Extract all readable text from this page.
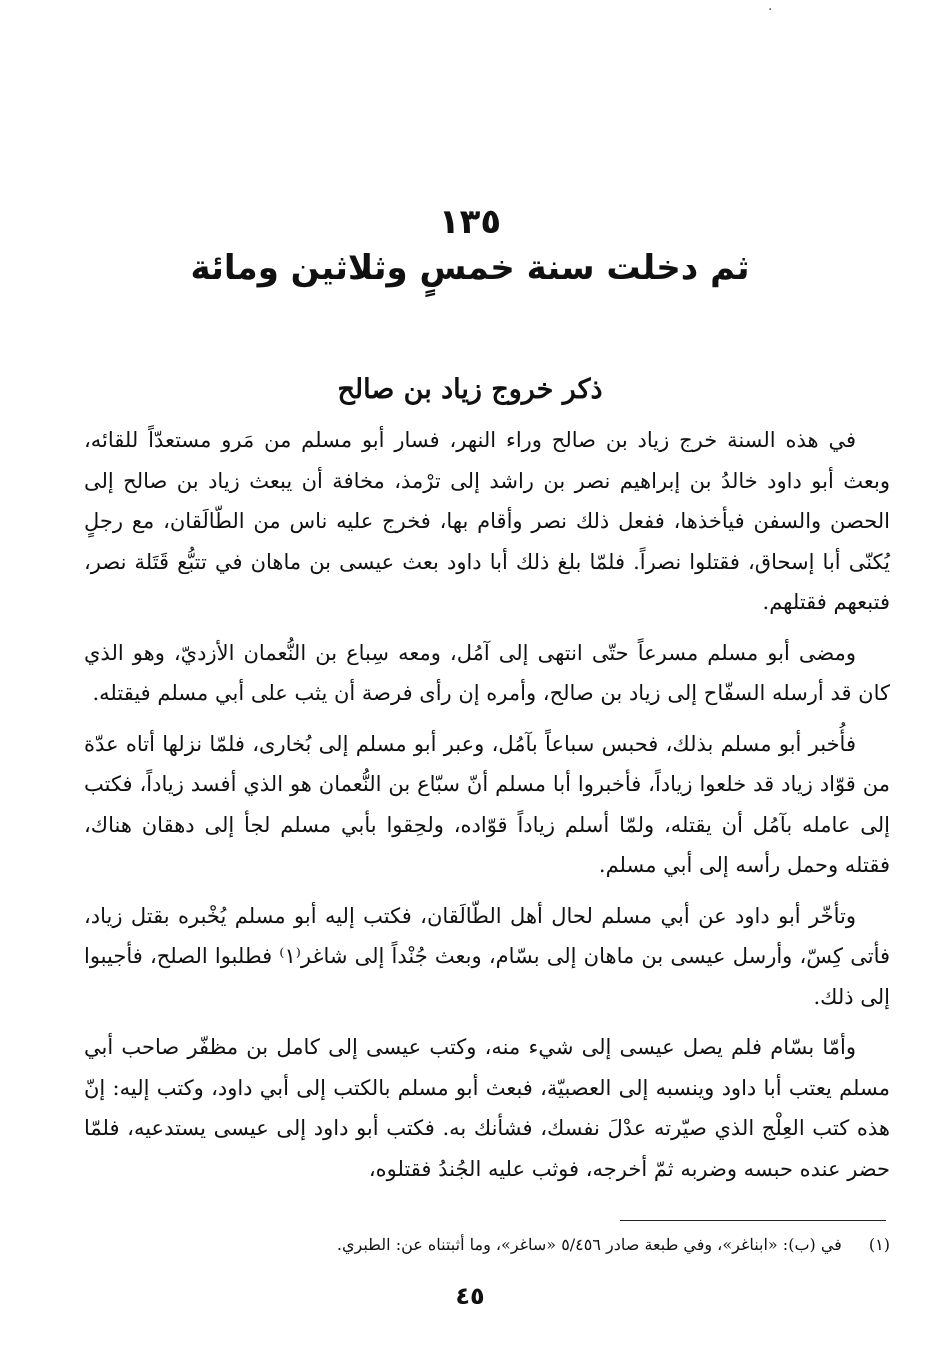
·
١٣٥
ثم دخلت سنة خمسٍ وثلاثين ومائة
ذكر خروج زياد بن صالح

في هذه السنة خرج زياد بن صالح وراء النهر، فسار أبو مسلم من مَرو مستعدّاً للقائه، وبعث أبو داود خالدُ بن إبراهيم نصر بن راشد إلى ترْمذ، مخافة أن يبعث زياد بن صالح إلى الحصن والسفن فيأخذها، ففعل ذلك نصر وأقام بها، فخرج عليه ناس من الطّالَقان، مع رجلٍ يُكنّى أبا إسحاق، فقتلوا نصراً. فلمّا بلغ ذلك أبا داود بعث عيسى بن ماهان في تتبُّع قَتَلة نصر، فتبعهم فقتلهم.

ومضى أبو مسلم مسرعاً حتّى انتهى إلى آمُل، ومعه سِباع بن النُّعمان الأزديّ، وهو الذي كان قد أرسله السفّاح إلى زياد بن صالح، وأمره إن رأى فرصة أن يثب على أبي مسلم فيقتله.

فأُخبر أبو مسلم بذلك، فحبس سباعاً بآمُل، وعبر أبو مسلم إلى بُخارى، فلمّا نزلها أتاه عدّة من قوّاد زياد قد خلعوا زياداً، فأخبروا أبا مسلم أنّ سبّاع بن النُّعمان هو الذي أفسد زياداً، فكتب إلى عامله بآمُل أن يقتله، ولمّا أسلم زياداً قوّاده، ولحِقوا بأبي مسلم لجأ إلى دهقان هناك، فقتله وحمل رأسه إلى أبي مسلم.

وتأخّر أبو داود عن أبي مسلم لحال أهل الطّالَقان، فكتب إليه أبو مسلم يُخْبره بقتل زياد، فأتى كِسّ، وأرسل عيسى بن ماهان إلى بسّام، وبعث جُنْداً إلى شاغر⁽١⁾ فطلبوا الصلح، فأجيبوا إلى ذلك.

وأمّا بسّام فلم يصل عيسى إلى شيء منه، وكتب عيسى إلى كامل بن مظفّر صاحب أبي مسلم يعتب أبا داود وينسبه إلى العصبيّة، فبعث أبو مسلم بالكتب إلى أبي داود، وكتب إليه: إنّ هذه كتب العِلْج الذي صيّرته عدْلَ نفسك، فشأنك به. فكتب أبو داود إلى عيسى يستدعيه، فلمّا حضر عنده حبسه وضربه ثمّ أخرجه، فوثب عليه الجُندُ فقتلوه،

(١) في (ب): «ابناغر»، وفي طبعة صادر ٥/٤٥٦ «ساغر»، وما أثبتناه عن: الطبري.
٤٥
